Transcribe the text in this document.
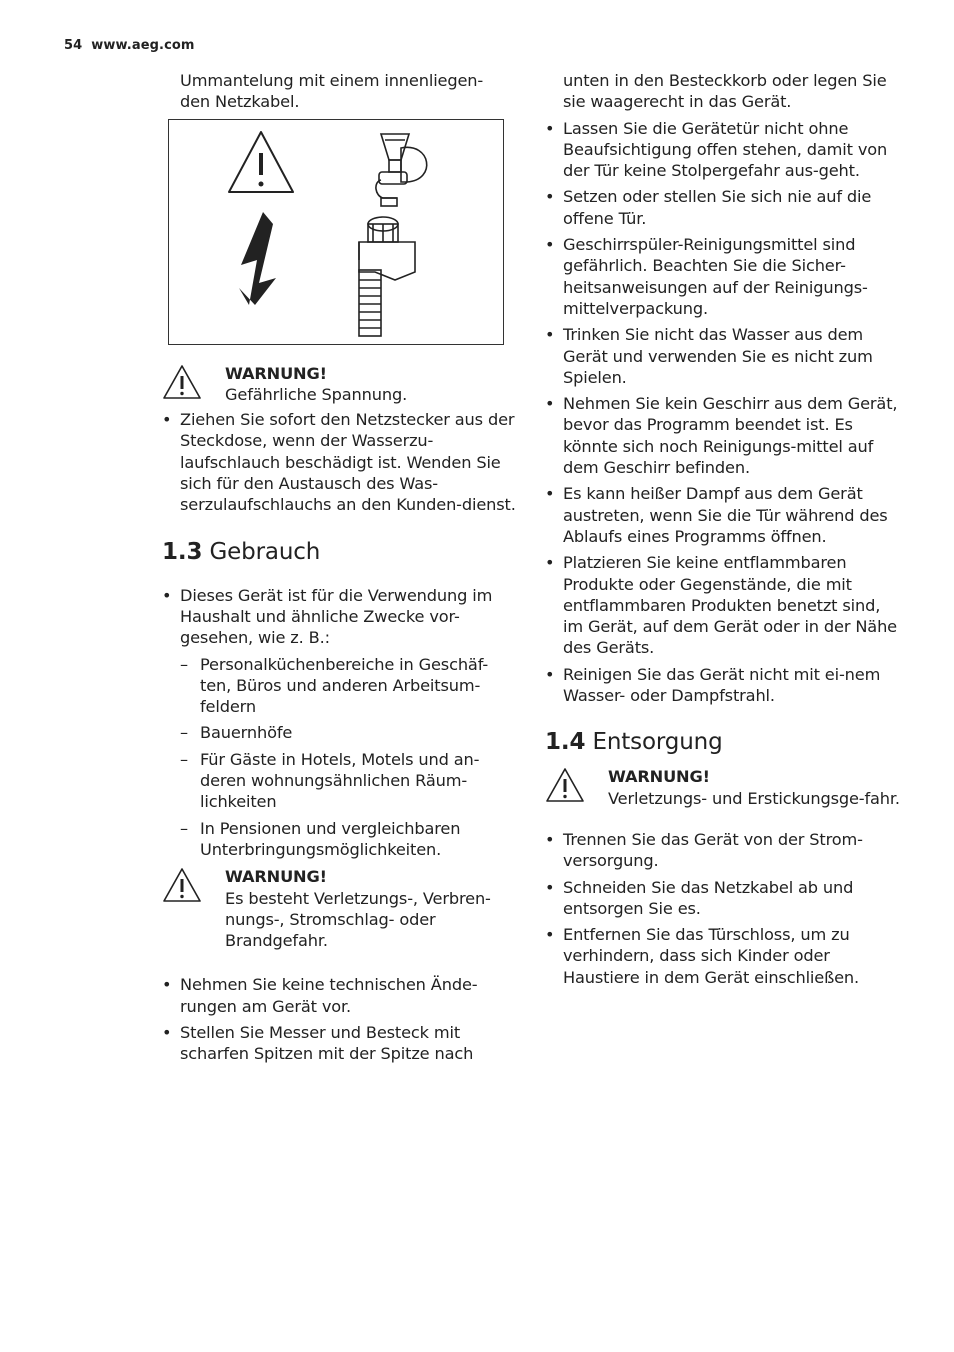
54 www.aeg.com
Ummantelung mit einem innenliegen-den Netzkabel.
WARNUNG!
Gefährliche Spannung.
• Ziehen Sie sofort den Netzstecker aus der Steckdose, wenn der Wasserzu-laufschlauch beschädigt ist. Wenden Sie sich für den Austausch des Was-serzulaufschlauchs an den Kunden-dienst.
1.3 Gebrauch
• Dieses Gerät ist für die Verwendung im Haushalt und ähnliche Zwecke vor-gesehen, wie z. B.:
– Personalküchenbereiche in Geschäf-ten, Büros und anderen Arbeitsum-feldern
– Bauernhöfe
– Für Gäste in Hotels, Motels und an-deren wohnungsähnlichen Räum-lichkeiten
– In Pensionen und vergleichbaren Unterbringungsmöglichkeiten.
WARNUNG!
Es besteht Verletzungs-, Verbren-nungs-, Stromschlag- oder Brandgefahr.
• Nehmen Sie keine technischen Ände-rungen am Gerät vor.
• Stellen Sie Messer und Besteck mit scharfen Spitzen mit der Spitze nach
unten in den Besteckkorb oder legen Sie sie waagerecht in das Gerät.
• Lassen Sie die Gerätetür nicht ohne Beaufsichtigung offen stehen, damit von der Tür keine Stolpergefahr aus-geht.
• Setzen oder stellen Sie sich nie auf die offene Tür.
• Geschirrspüler-Reinigungsmittel sind gefährlich. Beachten Sie die Sicher-heitsanweisungen auf der Reinigungs-mittelverpackung.
• Trinken Sie nicht das Wasser aus dem Gerät und verwenden Sie es nicht zum Spielen.
• Nehmen Sie kein Geschirr aus dem Gerät, bevor das Programm beendet ist. Es könnte sich noch Reinigungs-mittel auf dem Geschirr befinden.
• Es kann heißer Dampf aus dem Gerät austreten, wenn Sie die Tür während des Ablaufs eines Programms öffnen.
• Platzieren Sie keine entflammbaren Produkte oder Gegenstände, die mit entflammbaren Produkten benetzt sind, im Gerät, auf dem Gerät oder in der Nähe des Geräts.
• Reinigen Sie das Gerät nicht mit ei-nem Wasser- oder Dampfstrahl.
1.4 Entsorgung
WARNUNG!
Verletzungs- und Erstickungsge-fahr.
• Trennen Sie das Gerät von der Strom-versorgung.
• Schneiden Sie das Netzkabel ab und entsorgen Sie es.
• Entfernen Sie das Türschloss, um zu verhindern, dass sich Kinder oder Haustiere in dem Gerät einschließen.
